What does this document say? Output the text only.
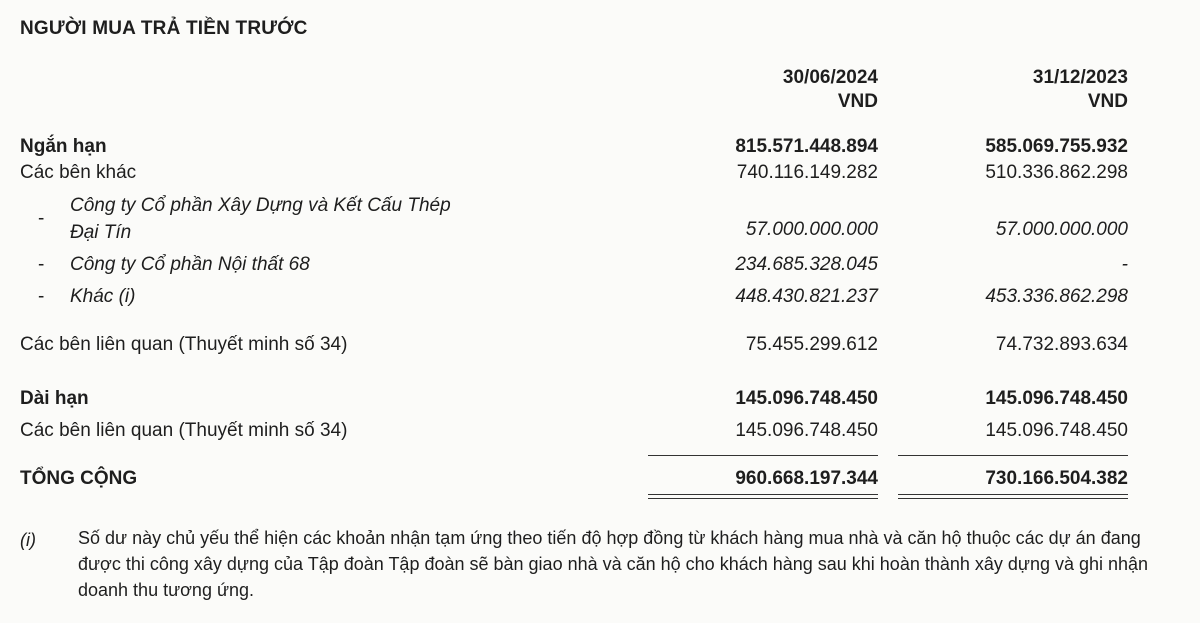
NGƯỜI MUA TRẢ TIỀN TRƯỚC
30/06/2024
VND
31/12/2023
VND
Ngắn hạn	815.571.448.894	585.069.755.932
Các bên khác	740.116.149.282	510.336.862.298
-
Công ty Cổ phần Xây Dựng và Kết Cấu Thép
Đại Tín	57.000.000.000	57.000.000.000
- Công ty Cổ phần Nội thất 68	234.685.328.045	-
- Khác (i)	448.430.821.237	453.336.862.298
Các bên liên quan (Thuyết minh số 34)	75.455.299.612	74.732.893.634
Dài hạn	145.096.748.450	145.096.748.450
Các bên liên quan (Thuyết minh số 34)	145.096.748.450	145.096.748.450
TỔNG CỘNG	960.668.197.344	730.166.504.382
(i) Số dư này chủ yếu thể hiện các khoản nhận tạm ứng theo tiến độ hợp đồng từ khách hàng mua nhà và căn hộ thuộc các dự án đang được thi công xây dựng của Tập đoàn Tập đoàn sẽ bàn giao nhà và căn hộ cho khách hàng sau khi hoàn thành xây dựng và ghi nhận doanh thu tương ứng.
